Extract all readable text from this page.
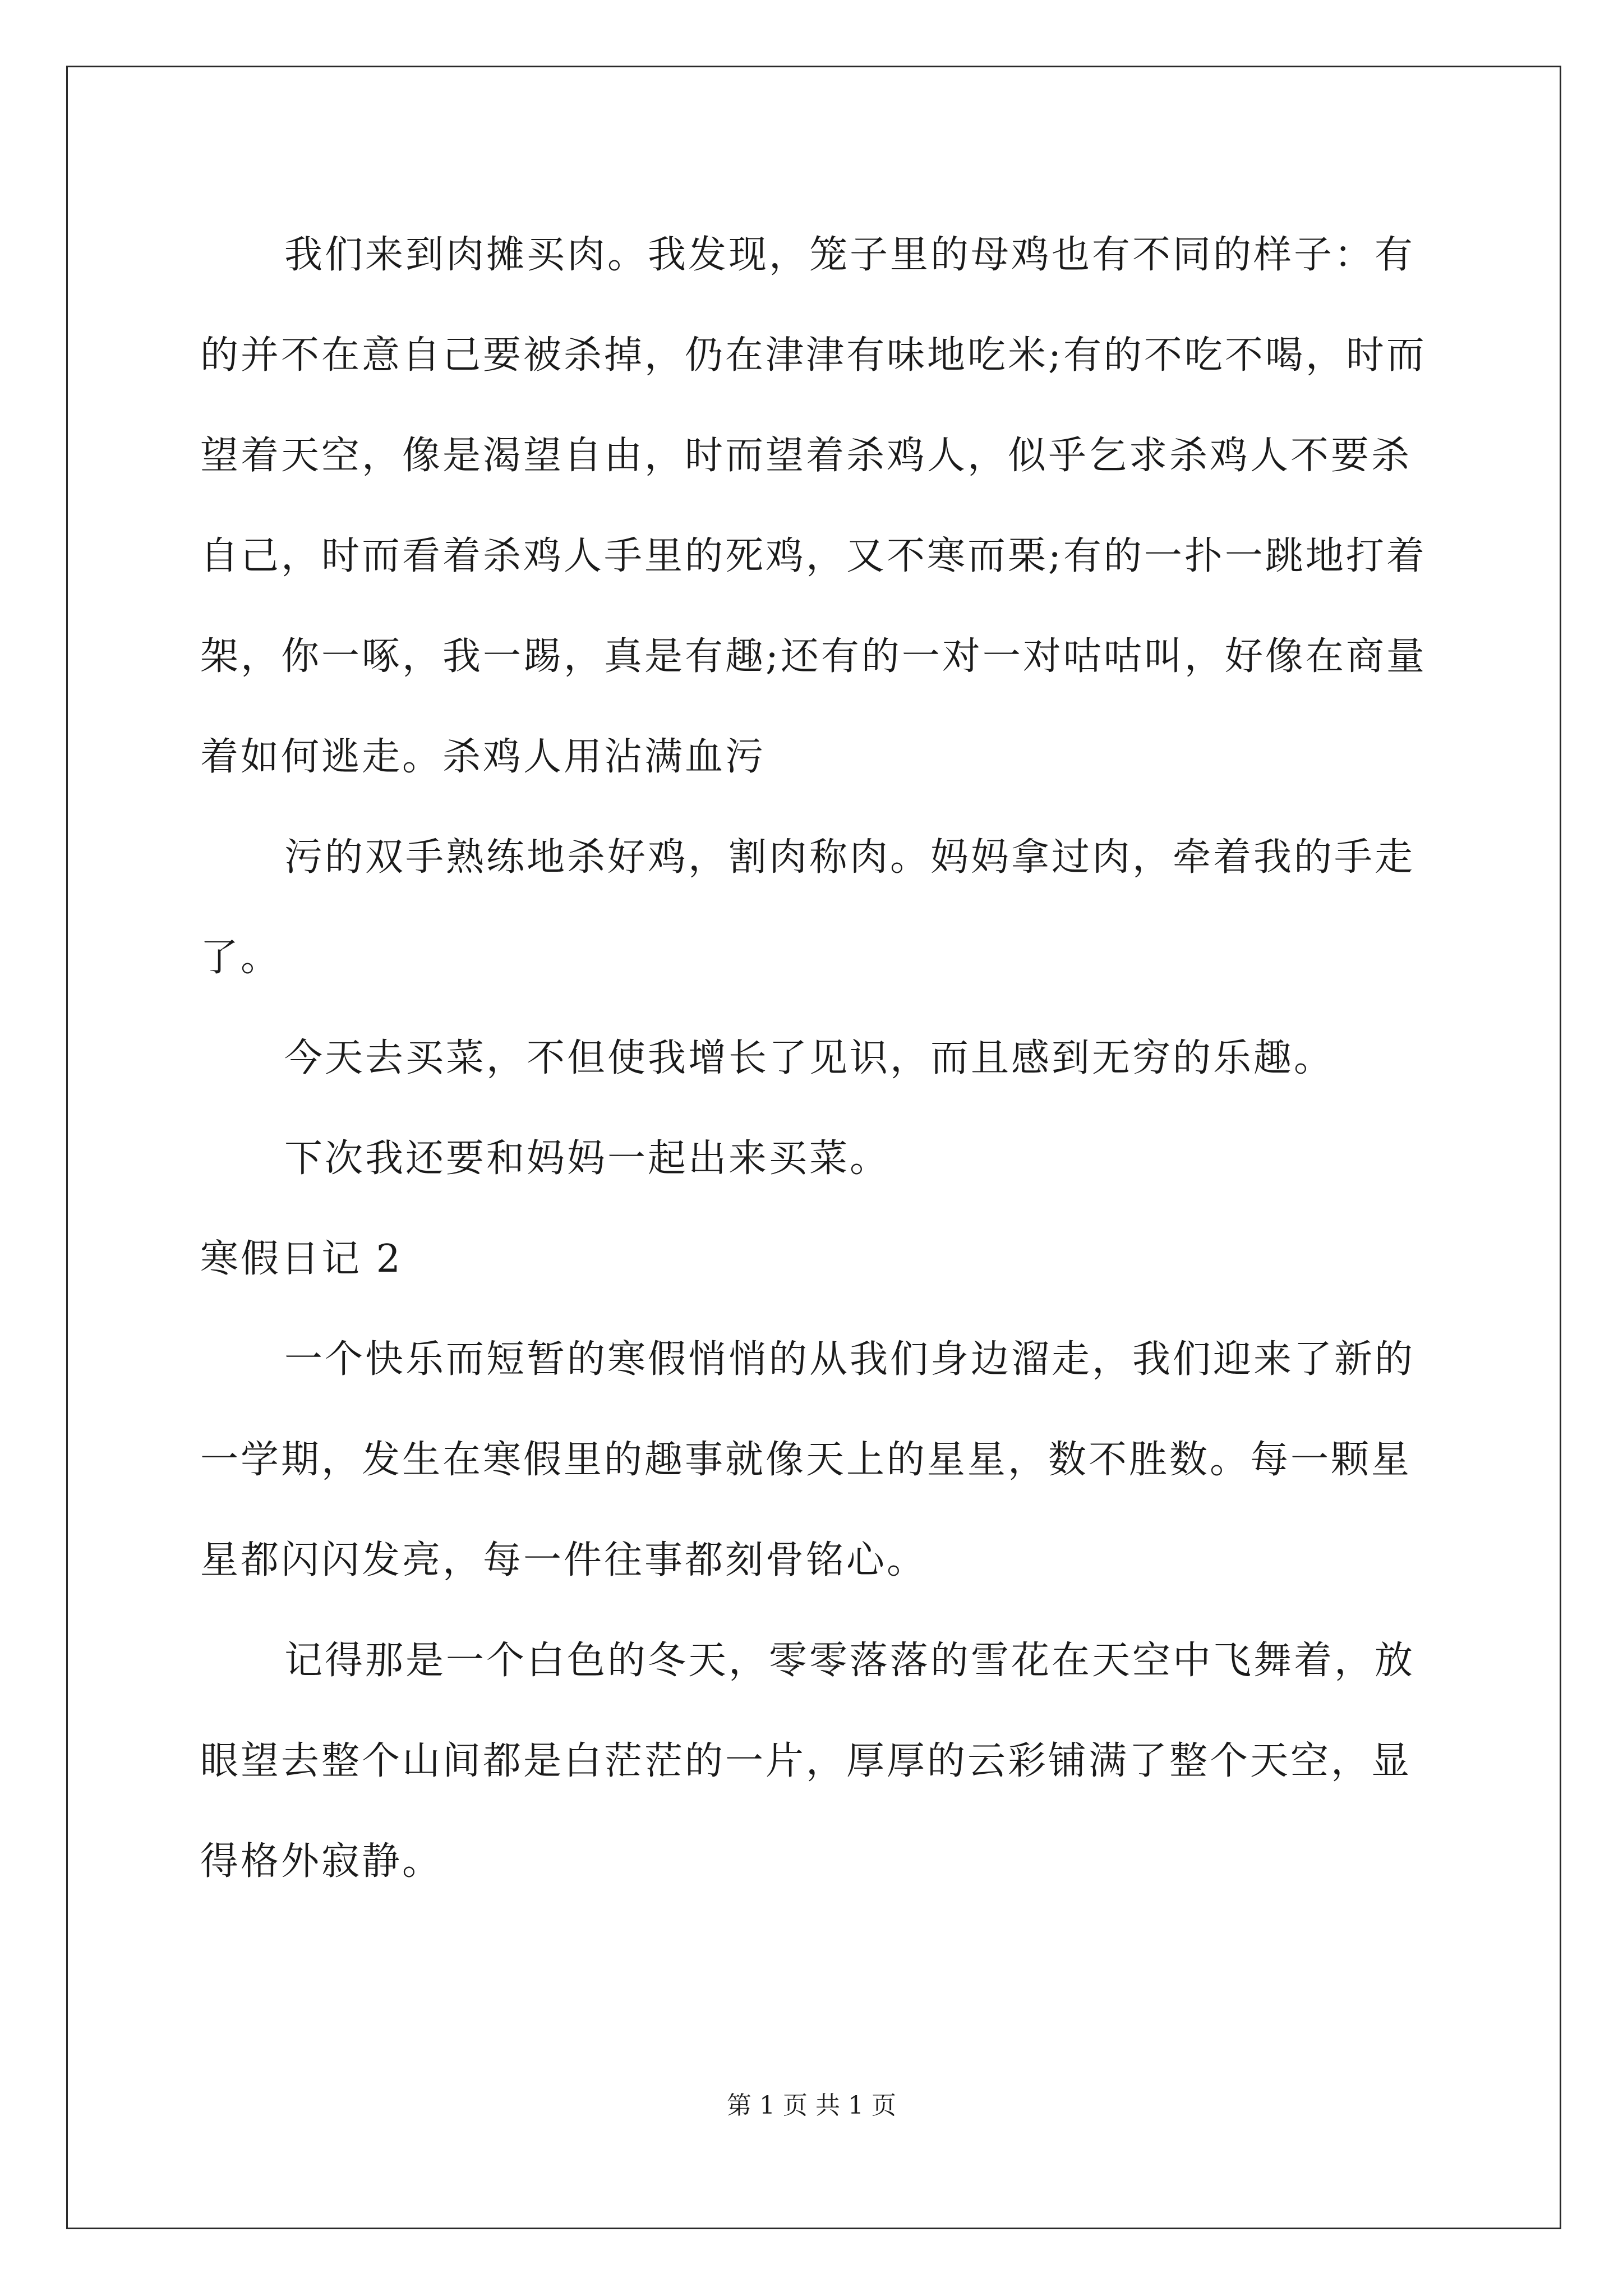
我们来到肉摊买肉。我发现，笼子里的母鸡也有不同的样子：有的并不在意自己要被杀掉，仍在津津有味地吃米;有的不吃不喝，时而望着天空，像是渴望自由，时而望着杀鸡人，似乎乞求杀鸡人不要杀自己，时而看着杀鸡人手里的死鸡，又不寒而栗;有的一扑一跳地打着架，你一啄，我一踢，真是有趣;还有的一对一对咕咕叫，好像在商量着如何逃走。杀鸡人用沾满血污

污的双手熟练地杀好鸡，割肉称肉。妈妈拿过肉，牵着我的手走了。

今天去买菜，不但使我增长了见识，而且感到无穷的乐趣。

下次我还要和妈妈一起出来买菜。

寒假日记 2

一个快乐而短暂的寒假悄悄的从我们身边溜走，我们迎来了新的一学期，发生在寒假里的趣事就像天上的星星，数不胜数。每一颗星星都闪闪发亮，每一件往事都刻骨铭心。

记得那是一个白色的冬天，零零落落的雪花在天空中飞舞着，放眼望去整个山间都是白茫茫的一片，厚厚的云彩铺满了整个天空，显得格外寂静。

第 1 页 共 1 页
